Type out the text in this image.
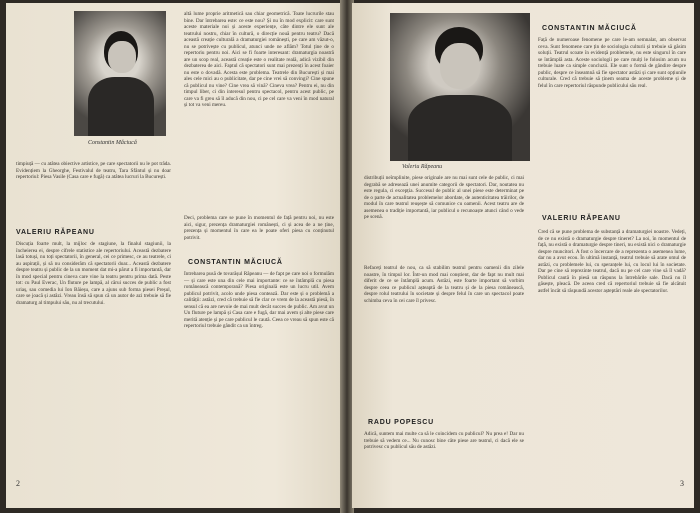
Constantin Măciucă
altă lume proprie aritmetică sau chiar geometrică. Toate lucrurile stau bine. Dar întrebarea este: ce este nou? Și nu în mod explicit: care sunt aceste materiale noi și aceste experiențe, câte dintre ele sunt ale teatrului nostru, chiar în cultură, o direcție nouă pentru teatru? Dacă această creație culturală a dramaturgiei românești, pe care am văzut-o, nu se potrivește cu publicul, atunci unde ne aflăm? Totul ține de o repertoriu pentru noi. Aici se fi foarte interesant: dramaturgia noastră are un scop real, această creație este o realitate reală, adică vizibil din dezbaterea de aici. Faptul că spectatori sunt mai prezenți în acest foaier nu este o dovadă. Acesta este problema. Teatrele din București și mai ales cele mici au o publicitate, dar pe cine vrei să convingi? Cine spune că publicul nu vine? Cine vrea să vină? Cineva vrea? Pentru ei, nu din timpul liber, ci din interesul pentru spectacol, pentru acest public, pe care va fi greu să îl aducă din nou, ci pe cel care va veni în mod natural și tot va veni mereu.
Deci, problema care se pune în momentul de față pentru noi, nu este aici, sigur, prezența dramaturgiei românești, ci și acea de a ne ține, prezența și momentul în care ea le poate oferi piesa cu conținutul potrivit.
timpiuță — cu atâtea obiective artistice, pe care spectatorii nu le pot trăda. Evidențiem la Gheorghe, Festivalul de teatru, Tara Sfântul și nu doar repertoriul: Piesa Vasile (Casa care e fugă) ca atâtea lucruri la București.
VALERIU RĂPEANU
Discuția foarte mult, la mijloc de stagiune, la finalul stagiunii, la încheierea ei, despre cifrele statistice ale repertoriului. Această dezbatere lasă totuși, nu toți spectatorii, în general, cei ce primesc, ce au teatrele, ci au aspirații, și să nu considerăm că spectatorii doar... Această dezbatere despre teatru și public de la un moment dat mi-a părut a fi importantă, dar în mod special pentru cineva care vine la teatru pentru prima dată. Peste tot: cu Paul Everac, Un fluture pe lampă, al cărui succes de public a fost uriaș, sau comedia lui Ion Băieșu, care a ajuns sub forma piesei Preșul, care se joacă și astăzi. Vreau însă să spun că un autor de azi trebuie să fie dramaturg al timpului său, nu al trecutului.
CONSTANTIN MĂCIUCĂ
Întrebarea pusă de tovarășul Răpeanu — de fapt pe care noi o formulăm — și care este una din cele mai importante: ce se întâmplă cu piesa românească contemporană? Piesa originală este un lucru util. Avem publicul potrivit, acolo unde piesa contează. Dar este și o problemă a calității: astăzi, cred că trebuie să fie clar ce vrem de la această piesă, în sensul că ea are nevoie de mai mult decât succes de public. Am avut un Un fluture pe lampă și Casa care e fugă, dar mai avem și alte piese care merită atenție și pe care publicul le caută. Ceea ce vreau să spun este că repertoriul trebuie gândit ca un întreg.
2
Valeriu Răpeanu
CONSTANTIN MĂCIUCĂ
Față de numeroase fenomene pe care le-am semnalat, am observat ceva. Sunt fenomene care țin de sociologia culturii și trebuie să găsim soluții. Teatrul scoate în evidență problemele, nu este singurul în care se întâmplă asta. Aceste sociologii pe care mulți le folosim acum nu trebuie luate ca simple concluzii. Ele sunt o formă de gândire despre public, despre ce înseamnă să fie spectator astăzi și care sunt opțiunile culturale. Cred că trebuie să ținem seama de aceste probleme și de felul în care repertoriul răspunde publicului său real.
distribuții neîmplinite, piese originale are nu mai sunt cele de public, ci mai degrabă se adresează unei anumite categorii de spectatori. Dar, noutatea nu este regula, ci excepția. Succesul de public al unei piese este determinat pe de o parte de actualitatea problemelor abordate, de autenticitatea trăirilor, de modul în care teatrul reușește să comunice cu oamenii. Acest teatru are de asemenea o tradiție importantă, iar publicul o recunoaște atunci când o vede pe scenă.	VALERIU RĂPEANU
Cred că se pune problema de substanță a dramaturgiei noastre. Vedeți, de ce nu există o dramaturgie despre tineret? La noi, în momentul de față, nu există o dramaturgie despre tineri, nu există nici o dramaturgie despre muncitori. A fost o încercare de a reprezenta o asemenea lume, dar nu a avut ecou. În ultimă instanță, teatrul trebuie să arate omul de astăzi, cu problemele lui, cu speranțele lui, cu locul lui în societate. Dar pe cine să reprezinte teatrul, dacă nu pe cel care vine să îl vadă? Publicul caută în piesă un răspuns la întrebările sale. Dacă nu îl găsește, pleacă. De aceea cred că repertoriul trebuie să fie alcătuit astfel încât să răspundă acestor așteptări reale ale spectatorilor.
Refaceți teatrul de nou, ca să stabilim teatrul pentru oamenii din zilele noastre, în timpul lor. Într-un mod mai conștient, dar de fapt nu mult mai diferit de ce se întâmplă acum. Astăzi, este foarte important să vorbim despre ceea ce publicul așteaptă de la teatru și de la piesa românească, despre rolul teatrului în societate și despre felul în care un spectacol poate schimba ceva în cei care îl privesc.
RADU POPESCU
Adică, suntem mai multe ca să le coincidem cu publicul? Nu prea e! Dar nu trebuie să vedem ce... Nu cunosc bine câte piese are teatrul, ci dacă ele se potrivesc cu publicul său de astăzi.
3
